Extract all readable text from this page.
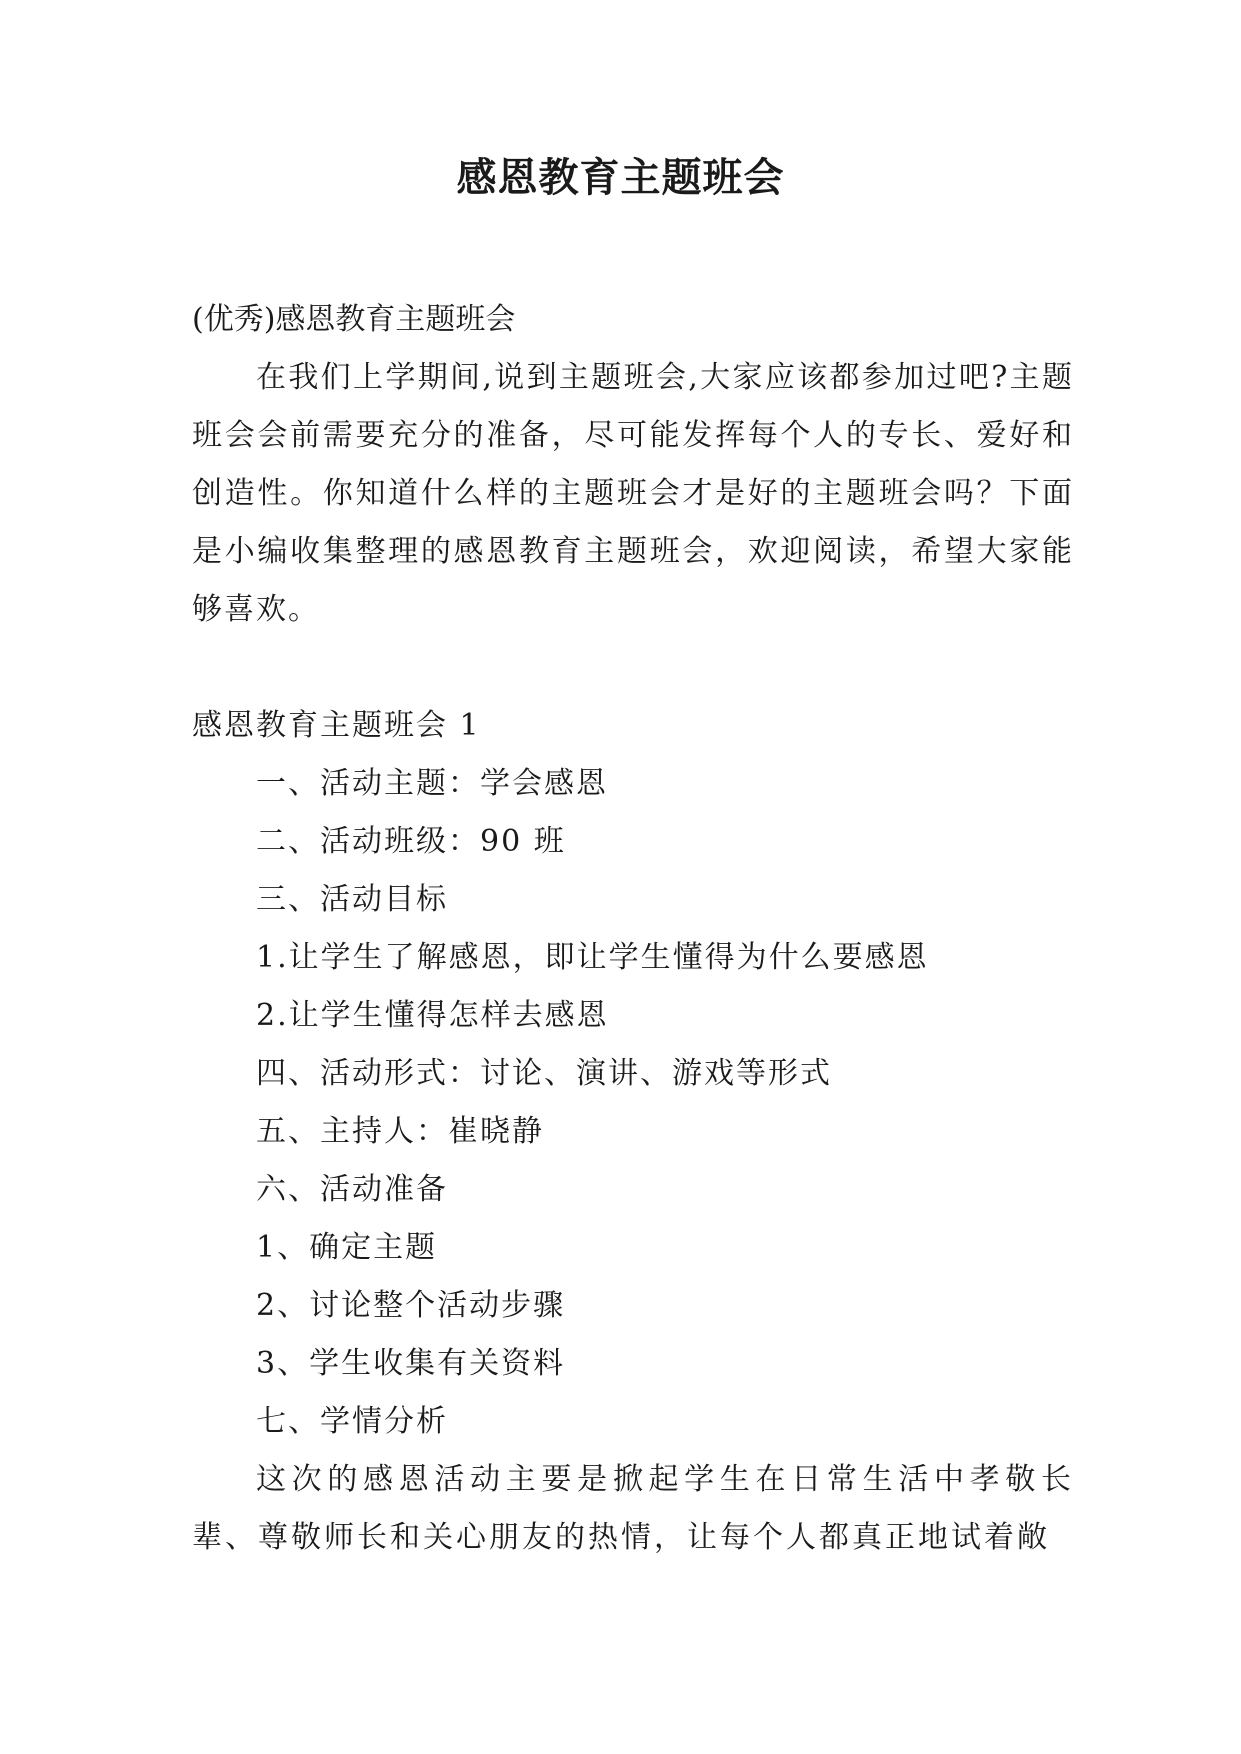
感恩教育主题班会

(优秀)感恩教育主题班会

在我们上学期间,说到主题班会,大家应该都参加过吧?主题班会会前需要充分的准备，尽可能发挥每个人的专长、爱好和创造性。你知道什么样的主题班会才是好的主题班会吗？下面是小编收集整理的感恩教育主题班会，欢迎阅读，希望大家能够喜欢。

感恩教育主题班会 1

一、活动主题：学会感恩

二、活动班级：90 班

三、活动目标

1.让学生了解感恩，即让学生懂得为什么要感恩

2.让学生懂得怎样去感恩

四、活动形式：讨论、演讲、游戏等形式

五、主持人：崔晓静

六、活动准备

1、确定主题

2、讨论整个活动步骤

3、学生收集有关资料

七、学情分析

这次的感恩活动主要是掀起学生在日常生活中孝敬长辈、尊敬师长和关心朋友的热情，让每个人都真正地试着敞
